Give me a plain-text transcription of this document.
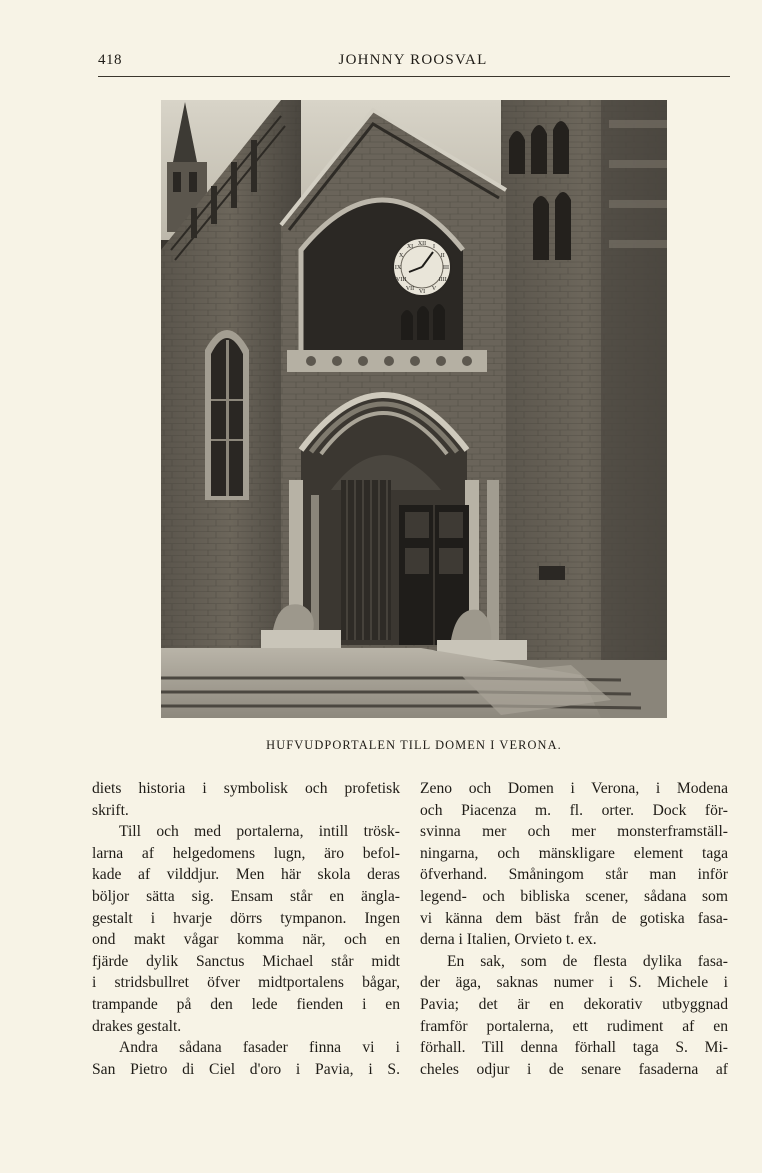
418	JOHNNY ROOSVAL
XII
I
II
III
IIII
V
VI
VII
VIII
IX
X
XI
HUFVUDPORTALEN TILL DOMEN I VERONA.
diets historia i symbolisk och profetisk
skrift.
Till och med portalerna, intill trösk-
larna af helgedomens lugn, äro befol-
kade af vilddjur. Men här skola deras
böljor sätta sig. Ensam står en ängla-
gestalt i hvarje dörrs tympanon. Ingen
ond makt vågar komma när, och en
fjärde dylik Sanctus Michael står midt
i stridsbullret öfver midtportalens bågar,
trampande på den lede fienden i en
drakes gestalt.
Andra sådana fasader finna vi i
San Pietro di Ciel d'oro i Pavia, i S.
Zeno och Domen i Verona, i Modena
och Piacenza m. fl. orter. Dock för-
svinna mer och mer monsterframställ-
ningarna, och mänskligare element taga
öfverhand. Småningom står man inför
legend- och bibliska scener, sådana som
vi känna dem bäst från de gotiska fasa-
derna i Italien, Orvieto t. ex.
En sak, som de flesta dylika fasa-
der äga, saknas numer i S. Michele i
Pavia; det är en dekorativ utbyggnad
framför portalerna, ett rudiment af en
förhall. Till denna förhall taga S. Mi-
cheles odjur i de senare fasaderna af
